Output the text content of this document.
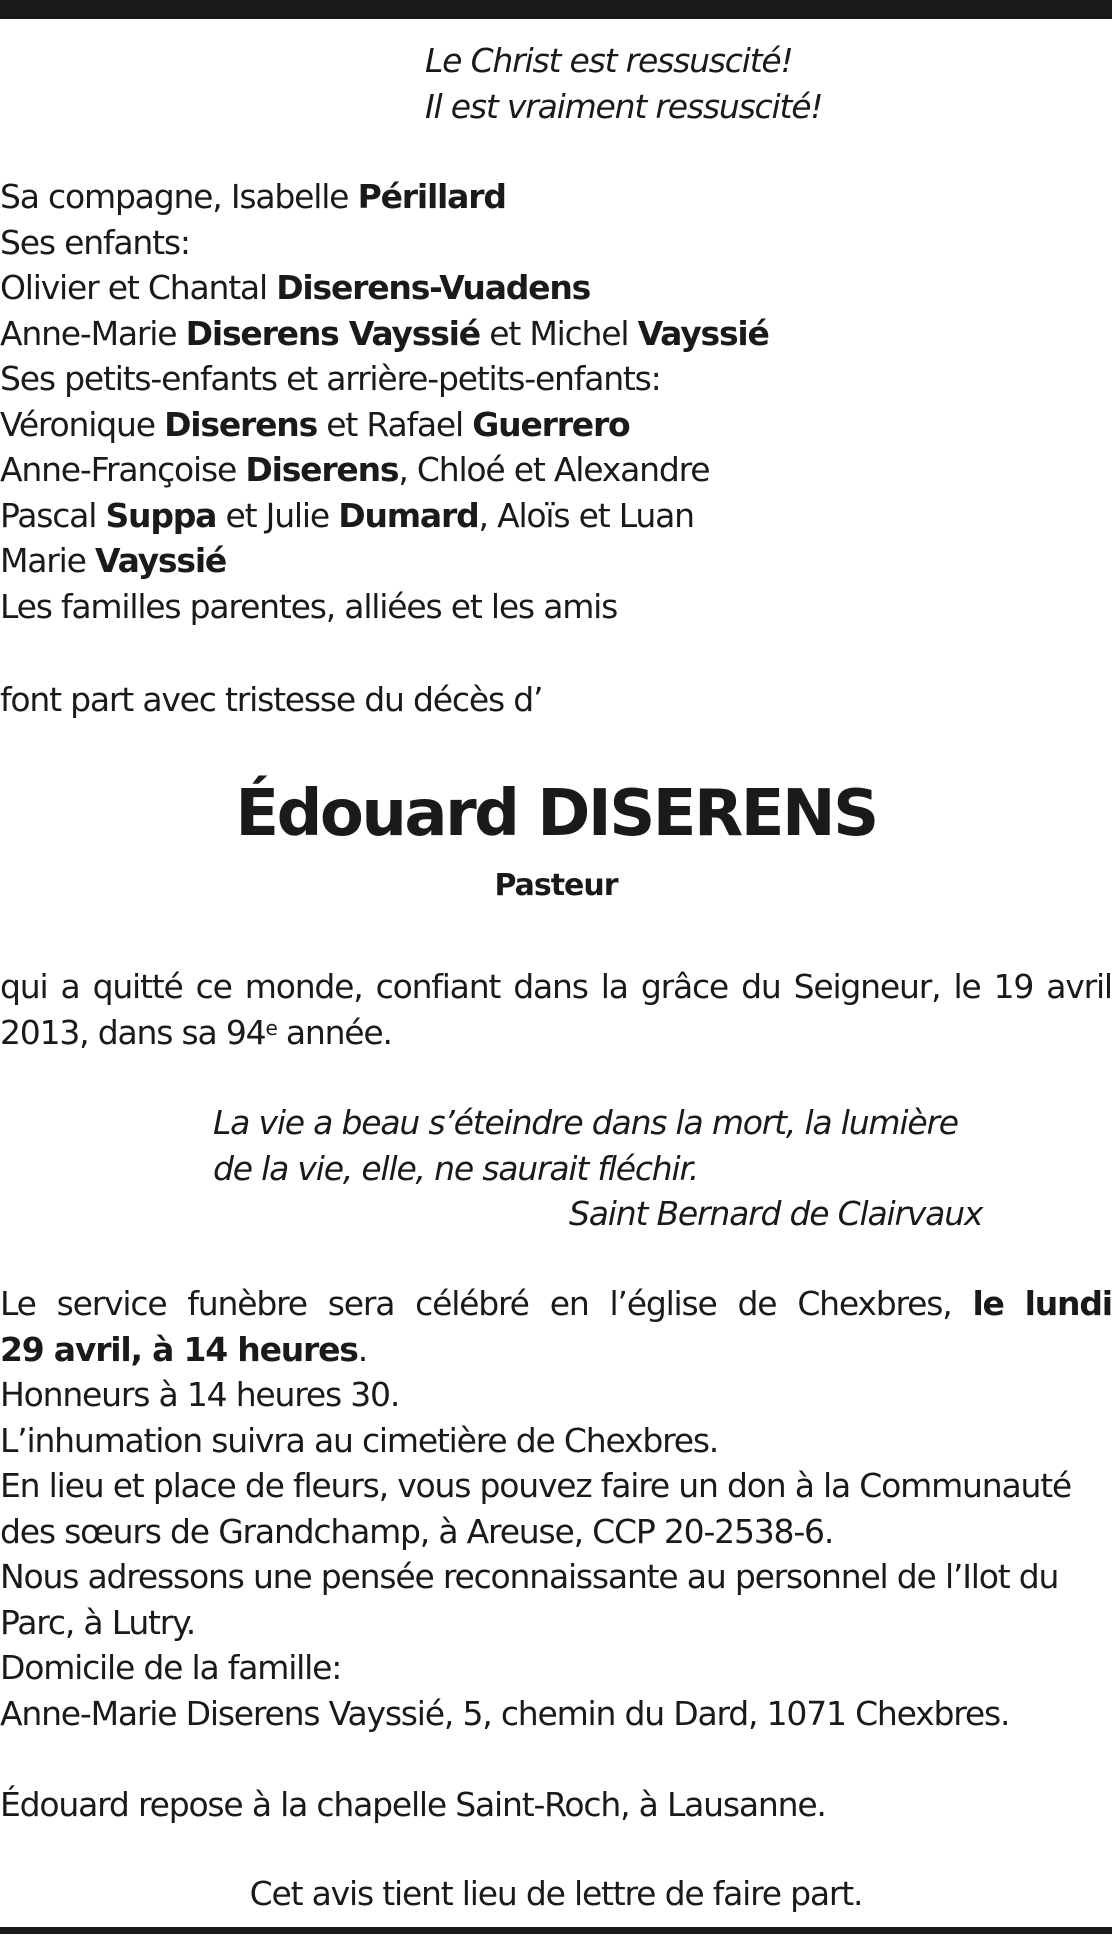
Le Christ est ressuscité!
Il est vraiment ressuscité!
Sa compagne, Isabelle Périllard
Ses enfants:
Olivier et Chantal Diserens-Vuadens
Anne-Marie Diserens Vayssié et Michel Vayssié
Ses petits-enfants et arrière-petits-enfants:
Véronique Diserens et Rafael Guerrero
Anne-Françoise Diserens, Chloé et Alexandre
Pascal Suppa et Julie Dumard, Aloïs et Luan
Marie Vayssié
Les familles parentes, alliées et les amis
font part avec tristesse du décès d’
Édouard DISERENS
Pasteur
qui a quitté ce monde, confiant dans la grâce du Seigneur, le 19 avril
2013, dans sa 94e année.
La vie a beau s’éteindre dans la mort, la lumière
de la vie, elle, ne saurait fléchir.
Saint Bernard de Clairvaux
Le service funèbre sera célébré en l’église de Chexbres, le lundi
29 avril, à 14 heures.
Honneurs à 14 heures 30.
L’inhumation suivra au cimetière de Chexbres.
En lieu et place de fleurs, vous pouvez faire un don à la Communauté
des sœurs de Grandchamp, à Areuse, CCP 20-2538-6.
Nous adressons une pensée reconnaissante au personnel de l’Ilot du
Parc, à Lutry.
Domicile de la famille:
Anne-Marie Diserens Vayssié, 5, chemin du Dard, 1071 Chexbres.
Édouard repose à la chapelle Saint-Roch, à Lausanne.
Cet avis tient lieu de lettre de faire part.
